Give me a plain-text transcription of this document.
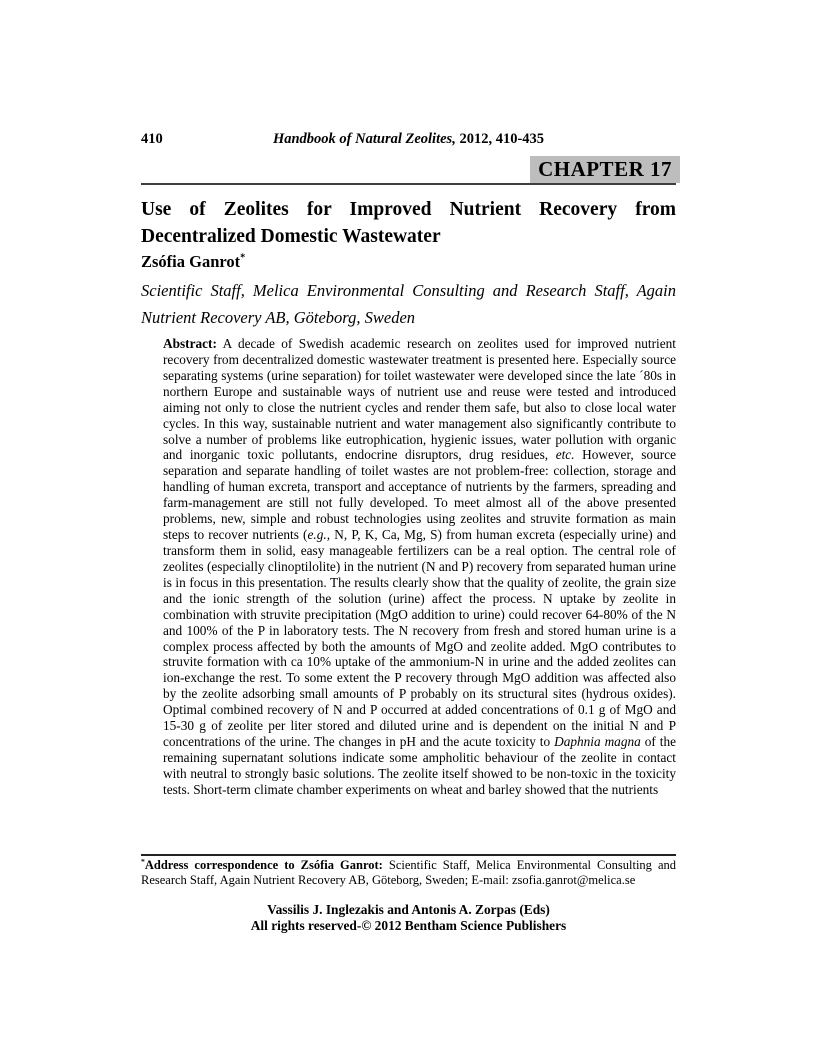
410	Handbook of Natural Zeolites, 2012, 410-435
CHAPTER 17
Use of Zeolites for Improved Nutrient Recovery from
Decentralized Domestic Wastewater
Zsófia Ganrot*
Scientific Staff, Melica Environmental Consulting and Research Staff, Again
Nutrient Recovery AB, Göteborg, Sweden

Abstract: A decade of Swedish academic research on zeolites used for improved nutrient recovery from decentralized domestic wastewater treatment is presented here. Especially source separating systems (urine separation) for toilet wastewater were developed since the late ´80s in northern Europe and sustainable ways of nutrient use and reuse were tested and introduced aiming not only to close the nutrient cycles and render them safe, but also to close local water cycles. In this way, sustainable nutrient and water management also significantly contribute to solve a number of problems like eutrophication, hygienic issues, water pollution with organic and inorganic toxic pollutants, endocrine disruptors, drug residues, etc. However, source separation and separate handling of toilet wastes are not problem-free: collection, storage and handling of human excreta, transport and acceptance of nutrients by the farmers, spreading and farm-management are still not fully developed. To meet almost all of the above presented problems, new, simple and robust technologies using zeolites and struvite formation as main steps to recover nutrients (e.g., N, P, K, Ca, Mg, S) from human excreta (especially urine) and transform them in solid, easy manageable fertilizers can be a real option. The central role of zeolites (especially clinoptilolite) in the nutrient (N and P) recovery from separated human urine is in focus in this presentation. The results clearly show that the quality of zeolite, the grain size and the ionic strength of the solution (urine) affect the process. N uptake by zeolite in combination with struvite precipitation (MgO addition to urine) could recover 64-80% of the N and 100% of the P in laboratory tests. The N recovery from fresh and stored human urine is a complex process affected by both the amounts of MgO and zeolite added. MgO contributes to struvite formation with ca 10% uptake of the ammonium-N in urine and the added zeolites can ion-exchange the rest. To some extent the P recovery through MgO addition was affected also by the zeolite adsorbing small amounts of P probably on its structural sites (hydrous oxides). Optimal combined recovery of N and P occurred at added concentrations of 0.1 g of MgO and 15-30 g of zeolite per liter stored and diluted urine and is dependent on the initial N and P concentrations of the urine. The changes in pH and the acute toxicity to Daphnia magna of the remaining supernatant solutions indicate some ampholitic behaviour of the zeolite in contact with neutral to strongly basic solutions. The zeolite itself showed to be non-toxic in the toxicity tests. Short-term climate chamber experiments on wheat and barley showed that the nutrients

*Address correspondence to Zsófia Ganrot: Scientific Staff, Melica Environmental Consulting and Research Staff, Again Nutrient Recovery AB, Göteborg, Sweden; E-mail: zsofia.ganrot@melica.se
Vassilis J. Inglezakis and Antonis A. Zorpas (Eds)
All rights reserved-© 2012 Bentham Science Publishers
